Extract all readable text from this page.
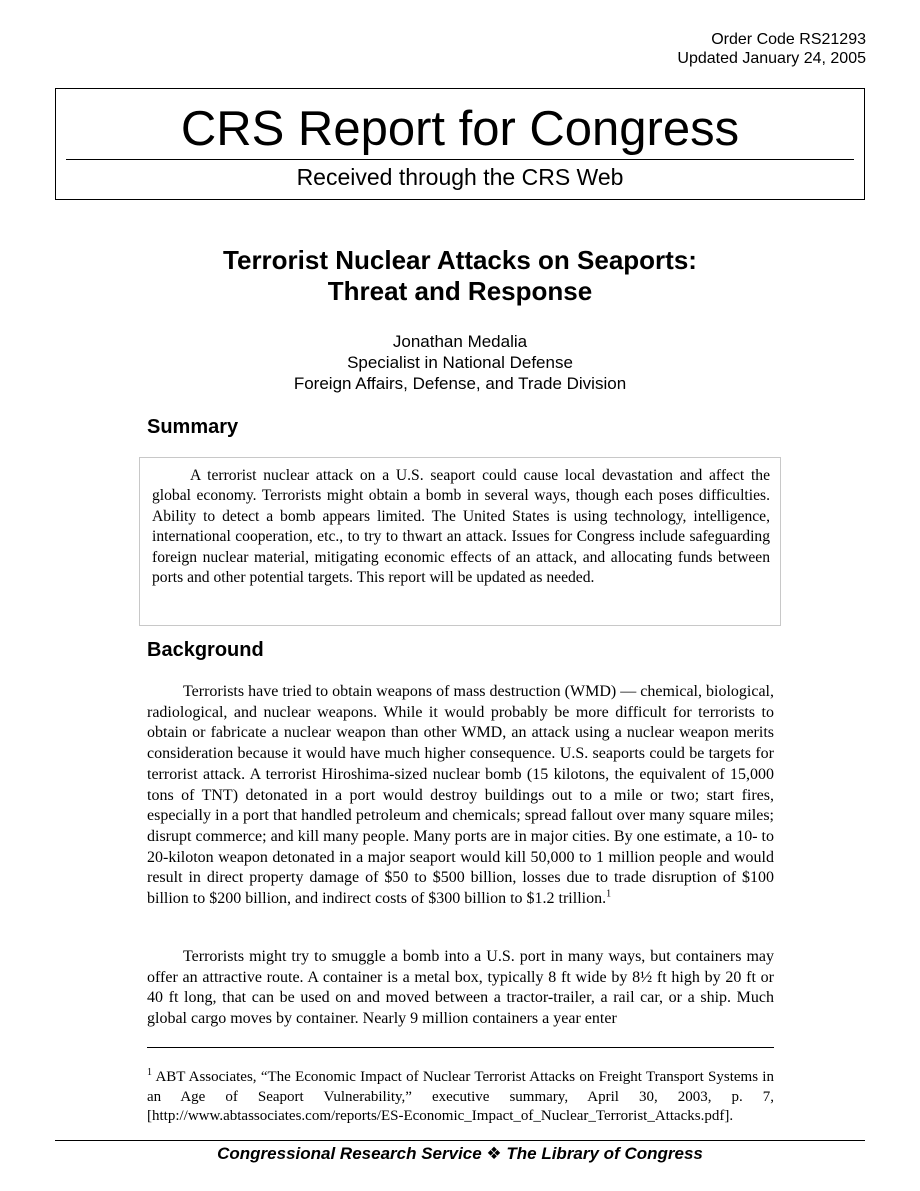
Order Code RS21293
Updated January 24, 2005
CRS Report for Congress
Received through the CRS Web
Terrorist Nuclear Attacks on Seaports:
Threat and Response
Jonathan Medalia
Specialist in National Defense
Foreign Affairs, Defense, and Trade Division
Summary

A terrorist nuclear attack on a U.S. seaport could cause local devastation and affect the global economy. Terrorists might obtain a bomb in several ways, though each poses difficulties. Ability to detect a bomb appears limited. The United States is using technology, intelligence, international cooperation, etc., to try to thwart an attack. Issues for Congress include safeguarding foreign nuclear material, mitigating economic effects of an attack, and allocating funds between ports and other potential targets. This report will be updated as needed.

Background

Terrorists have tried to obtain weapons of mass destruction (WMD) — chemical, biological, radiological, and nuclear weapons. While it would probably be more difficult for terrorists to obtain or fabricate a nuclear weapon than other WMD, an attack using a nuclear weapon merits consideration because it would have much higher consequence. U.S. seaports could be targets for terrorist attack. A terrorist Hiroshima-sized nuclear bomb (15 kilotons, the equivalent of 15,000 tons of TNT) detonated in a port would destroy buildings out to a mile or two; start fires, especially in a port that handled petroleum and chemicals; spread fallout over many square miles; disrupt commerce; and kill many people. Many ports are in major cities. By one estimate, a 10- to 20-kiloton weapon detonated in a major seaport would kill 50,000 to 1 million people and would result in direct property damage of $50 to $500 billion, losses due to trade disruption of $100 billion to $200 billion, and indirect costs of $300 billion to $1.2 trillion.$^1$

Terrorists might try to smuggle a bomb into a U.S. port in many ways, but containers may offer an attractive route. A container is a metal box, typically 8 ft wide by 8½ ft high by 20 ft or 40 ft long, that can be used on and moved between a tractor-trailer, a rail car, or a ship. Much global cargo moves by container. Nearly 9 million containers a year enter

$^1$ ABT Associates, “The Economic Impact of Nuclear Terrorist Attacks on Freight Transport Systems in an Age of Seaport Vulnerability,” executive summary, April 30, 2003, p. 7, [http://www.abtassociates.com/reports/ES-Economic_Impact_of_Nuclear_Terrorist_Attacks.pdf].
Congressional Research Service ❖ The Library of Congress
